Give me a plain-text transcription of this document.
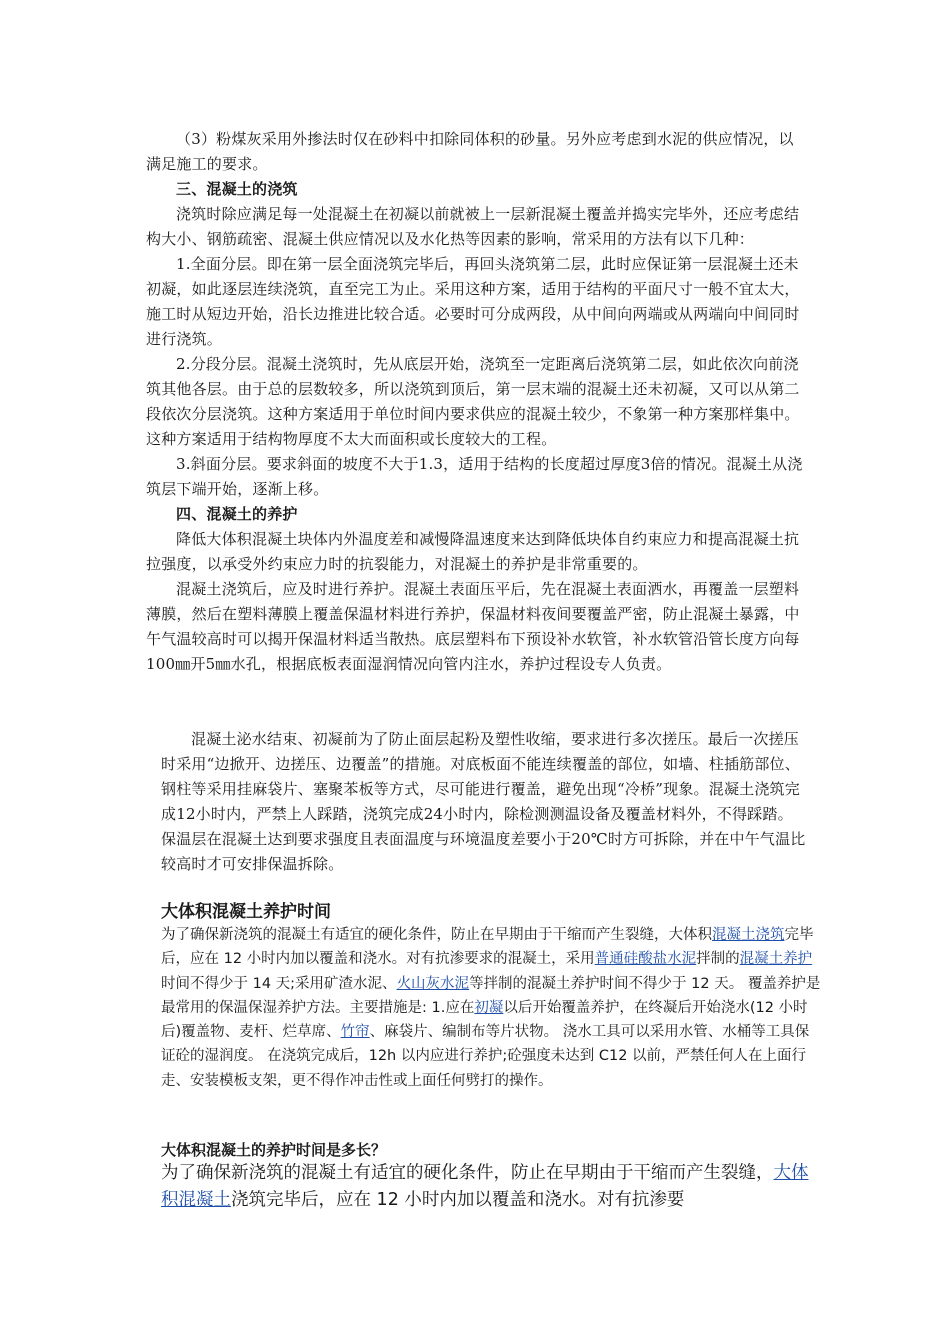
（3）粉煤灰采用外掺法时仅在砂料中扣除同体积的砂量。另外应考虑到水泥的供应情况，以满足施工的要求。

三、混凝土的浇筑

浇筑时除应满足每一处混凝土在初凝以前就被上一层新混凝土覆盖并捣实完毕外，还应考虑结构大小、钢筋疏密、混凝土供应情况以及水化热等因素的影响，常采用的方法有以下几种：

1.全面分层。即在第一层全面浇筑完毕后，再回头浇筑第二层，此时应保证第一层混凝土还未初凝，如此逐层连续浇筑，直至完工为止。采用这种方案，适用于结构的平面尺寸一般不宜太大，施工时从短边开始，沿长边推进比较合适。必要时可分成两段，从中间向两端或从两端向中间同时进行浇筑。

2.分段分层。混凝土浇筑时，先从底层开始，浇筑至一定距离后浇筑第二层，如此依次向前浇筑其他各层。由于总的层数较多，所以浇筑到顶后，第一层末端的混凝土还未初凝，又可以从第二段依次分层浇筑。这种方案适用于单位时间内要求供应的混凝土较少，不象第一种方案那样集中。这种方案适用于结构物厚度不太大而面积或长度较大的工程。

3.斜面分层。要求斜面的坡度不大于1.3，适用于结构的长度超过厚度3倍的情况。混凝土从浇筑层下端开始，逐渐上移。

四、混凝土的养护

降低大体积混凝土块体内外温度差和减慢降温速度来达到降低块体自约束应力和提高混凝土抗拉强度，以承受外约束应力时的抗裂能力，对混凝土的养护是非常重要的。

混凝土浇筑后，应及时进行养护。混凝土表面压平后，先在混凝土表面洒水，再覆盖一层塑料薄膜，然后在塑料薄膜上覆盖保温材料进行养护，保温材料夜间要覆盖严密，防止混凝土暴露，中午气温较高时可以揭开保温材料适当散热。底层塑料布下预设补水软管，补水软管沿管长度方向每100㎜开5㎜水孔，根据底板表面湿润情况向管内注水，养护过程设专人负责。

混凝土泌水结束、初凝前为了防止面层起粉及塑性收缩，要求进行多次搓压。最后一次搓压时采用“边掀开、边搓压、边覆盖”的措施。对底板面不能连续覆盖的部位，如墙、柱插筋部位、钢柱等采用挂麻袋片、塞聚苯板等方式，尽可能进行覆盖，避免出现“冷桥”现象。混凝土浇筑完成12小时内，严禁上人踩踏，浇筑完成24小时内，除检测测温设备及覆盖材料外，不得踩踏。保温层在混凝土达到要求强度且表面温度与环境温度差要小于20℃时方可拆除，并在中午气温比较高时才可安排保温拆除。

大体积混凝土养护时间

为了确保新浇筑的混凝土有适宜的硬化条件，防止在早期由于干缩而产生裂缝，大体积混凝土浇筑完毕后，应在 12 小时内加以覆盖和浇水。对有抗渗要求的混凝土，采用普通硅酸盐水泥拌制的混凝土养护时间不得少于 14 天;采用矿渣水泥、火山灰水泥等拌制的混凝土养护时间不得少于 12 天。 覆盖养护是最常用的保温保湿养护方法。主要措施是: 1.应在初凝以后开始覆盖养护，在终凝后开始浇水(12 小时后)覆盖物、麦杆、烂草席、竹帘、麻袋片、编制布等片状物。 浇水工具可以采用水管、水桶等工具保证砼的湿润度。 在浇筑完成后，12h 以内应进行养护;砼强度未达到 C12 以前，严禁任何人在上面行走、安装模板支架，更不得作冲击性或上面任何劈打的操作。

大体积混凝土的养护时间是多长？

为了确保新浇筑的混凝土有适宜的硬化条件，防止在早期由于干缩而产生裂缝，大体积混凝土浇筑完毕后，应在 12 小时内加以覆盖和浇水。对有抗渗要
